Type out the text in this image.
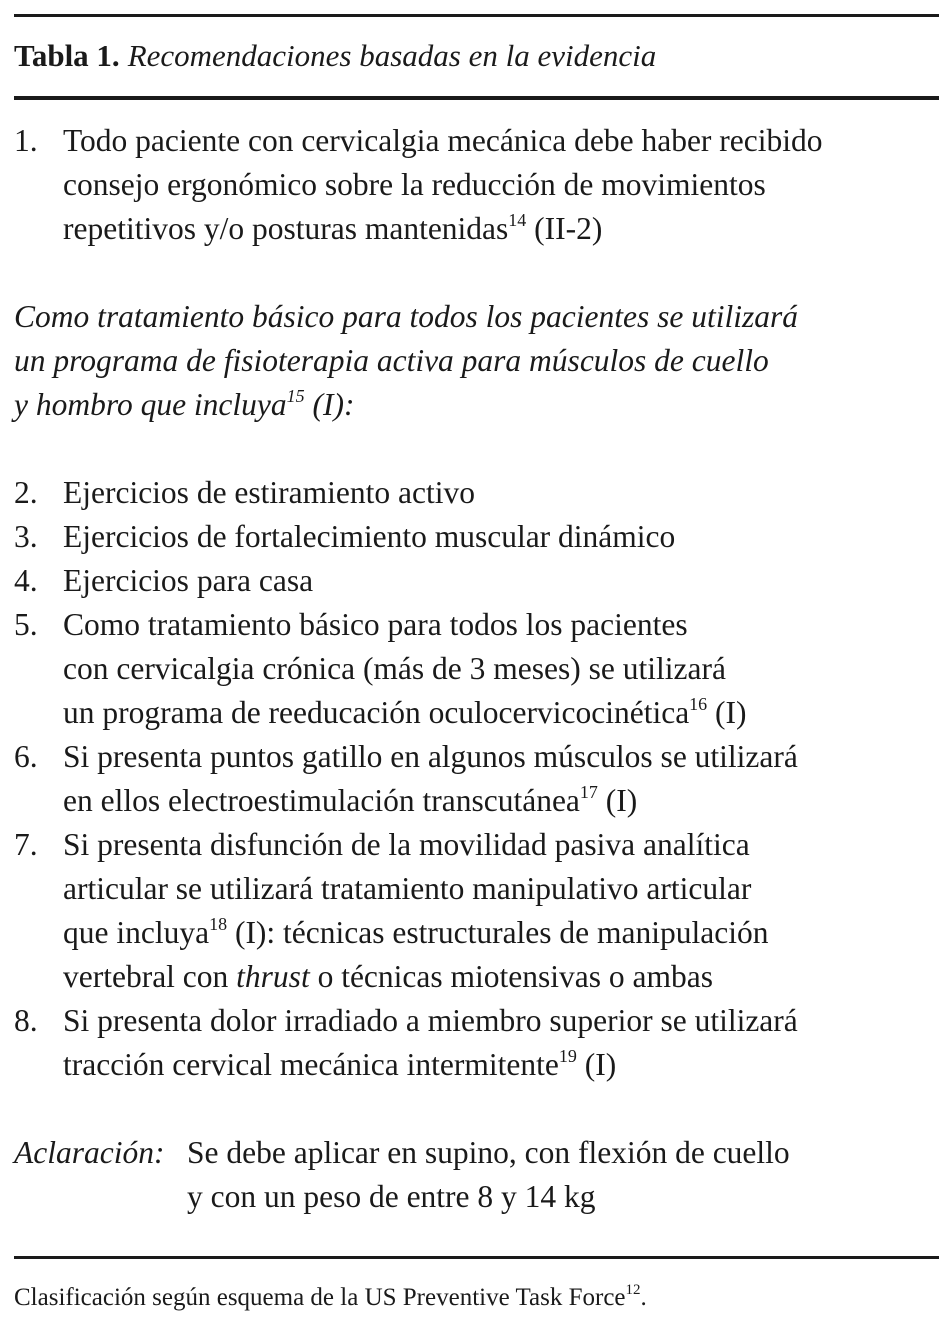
Tabla 1. Recomendaciones basadas en la evidencia
1. Todo paciente con cervicalgia mecánica debe haber recibido
consejo ergonómico sobre la reducción de movimientos
repetitivos y/o posturas mantenidas$^{14}$ (II-2)
Como tratamiento básico para todos los pacientes se utilizará
un programa de fisioterapia activa para músculos de cuello
y hombro que incluya$^{15}$ (I):
2. Ejercicios de estiramiento activo
3. Ejercicios de fortalecimiento muscular dinámico
4. Ejercicios para casa
5. Como tratamiento básico para todos los pacientes
con cervicalgia crónica (más de 3 meses) se utilizará
un programa de reeducación oculocervicocinética$^{16}$ (I)
6. Si presenta puntos gatillo en algunos músculos se utilizará
en ellos electroestimulación transcutánea$^{17}$ (I)
7. Si presenta disfunción de la movilidad pasiva analítica
articular se utilizará tratamiento manipulativo articular
que incluya$^{18}$ (I): técnicas estructurales de manipulación
vertebral con thrust o técnicas miotensivas o ambas
8. Si presenta dolor irradiado a miembro superior se utilizará
tracción cervical mecánica intermitente$^{19}$ (I)
Aclaración: Se debe aplicar en supino, con flexión de cuello
y con un peso de entre 8 y 14 kg
Clasificación según esquema de la US Preventive Task Force$^{12}$.
